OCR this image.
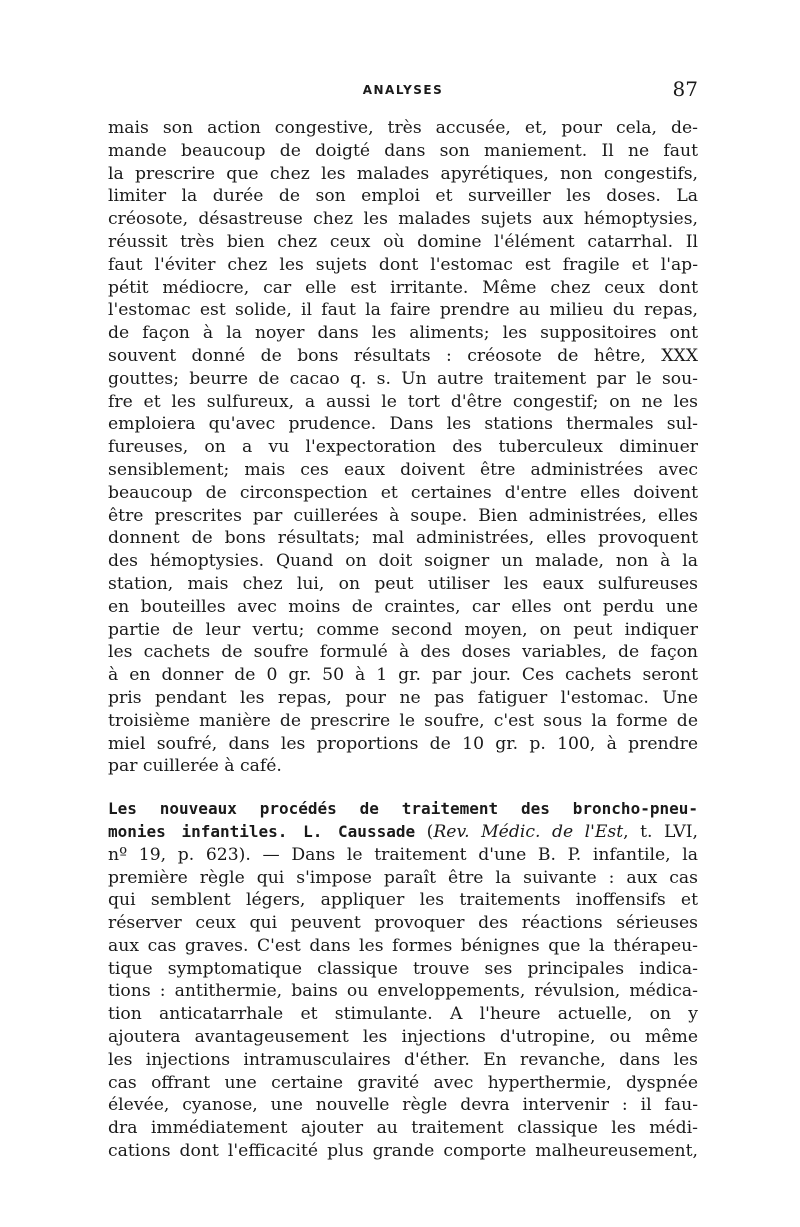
ANALYSES	87
mais son action congestive, très accusée, et, pour cela, de-
mande beaucoup de doigté dans son maniement. Il ne faut
la prescrire que chez les malades apyrétiques, non congestifs,
limiter la durée de son emploi et surveiller les doses. La
créosote, désastreuse chez les malades sujets aux hémoptysies,
réussit très bien chez ceux où domine l'élément catarrhal. Il
faut l'éviter chez les sujets dont l'estomac est fragile et l'ap-
pétit médiocre, car elle est irritante. Même chez ceux dont
l'estomac est solide, il faut la faire prendre au milieu du repas,
de façon à la noyer dans les aliments; les suppositoires ont
souvent donné de bons résultats : créosote de hêtre, XXX
gouttes; beurre de cacao q. s. Un autre traitement par le sou-
fre et les sulfureux, a aussi le tort d'être congestif; on ne les
emploiera qu'avec prudence. Dans les stations thermales sul-
fureuses, on a vu l'expectoration des tuberculeux diminuer
sensiblement; mais ces eaux doivent être administrées avec
beaucoup de circonspection et certaines d'entre elles doivent
être prescrites par cuillerées à soupe. Bien administrées, elles
donnent de bons résultats; mal administrées, elles provoquent
des hémoptysies. Quand on doit soigner un malade, non à la
station, mais chez lui, on peut utiliser les eaux sulfureuses
en bouteilles avec moins de craintes, car elles ont perdu une
partie de leur vertu; comme second moyen, on peut indiquer
les cachets de soufre formulé à des doses variables, de façon
à en donner de 0 gr. 50 à 1 gr. par jour. Ces cachets seront
pris pendant les repas, pour ne pas fatiguer l'estomac. Une
troisième manière de prescrire le soufre, c'est sous la forme de
miel soufré, dans les proportions de 10 gr. p. 100, à prendre
par cuillerée à café.
Les nouveaux procédés de traitement des broncho-pneu-
monies infantiles. L. Caussade (Rev. Médic. de l'Est, t. LVI,
nº 19, p. 623). — Dans le traitement d'une B. P. infantile, la
première règle qui s'impose paraît être la suivante : aux cas
qui semblent légers, appliquer les traitements inoffensifs et
réserver ceux qui peuvent provoquer des réactions sérieuses
aux cas graves. C'est dans les formes bénignes que la thérapeu-
tique symptomatique classique trouve ses principales indica-
tions : antithermie, bains ou enveloppements, révulsion, médica-
tion anticatarrhale et stimulante. A l'heure actuelle, on y
ajoutera avantageusement les injections d'utropine, ou même
les injections intramusculaires d'éther. En revanche, dans les
cas offrant une certaine gravité avec hyperthermie, dyspnée
élevée, cyanose, une nouvelle règle devra intervenir : il fau-
dra immédiatement ajouter au traitement classique les médi-
cations dont l'efficacité plus grande comporte malheureusement,
